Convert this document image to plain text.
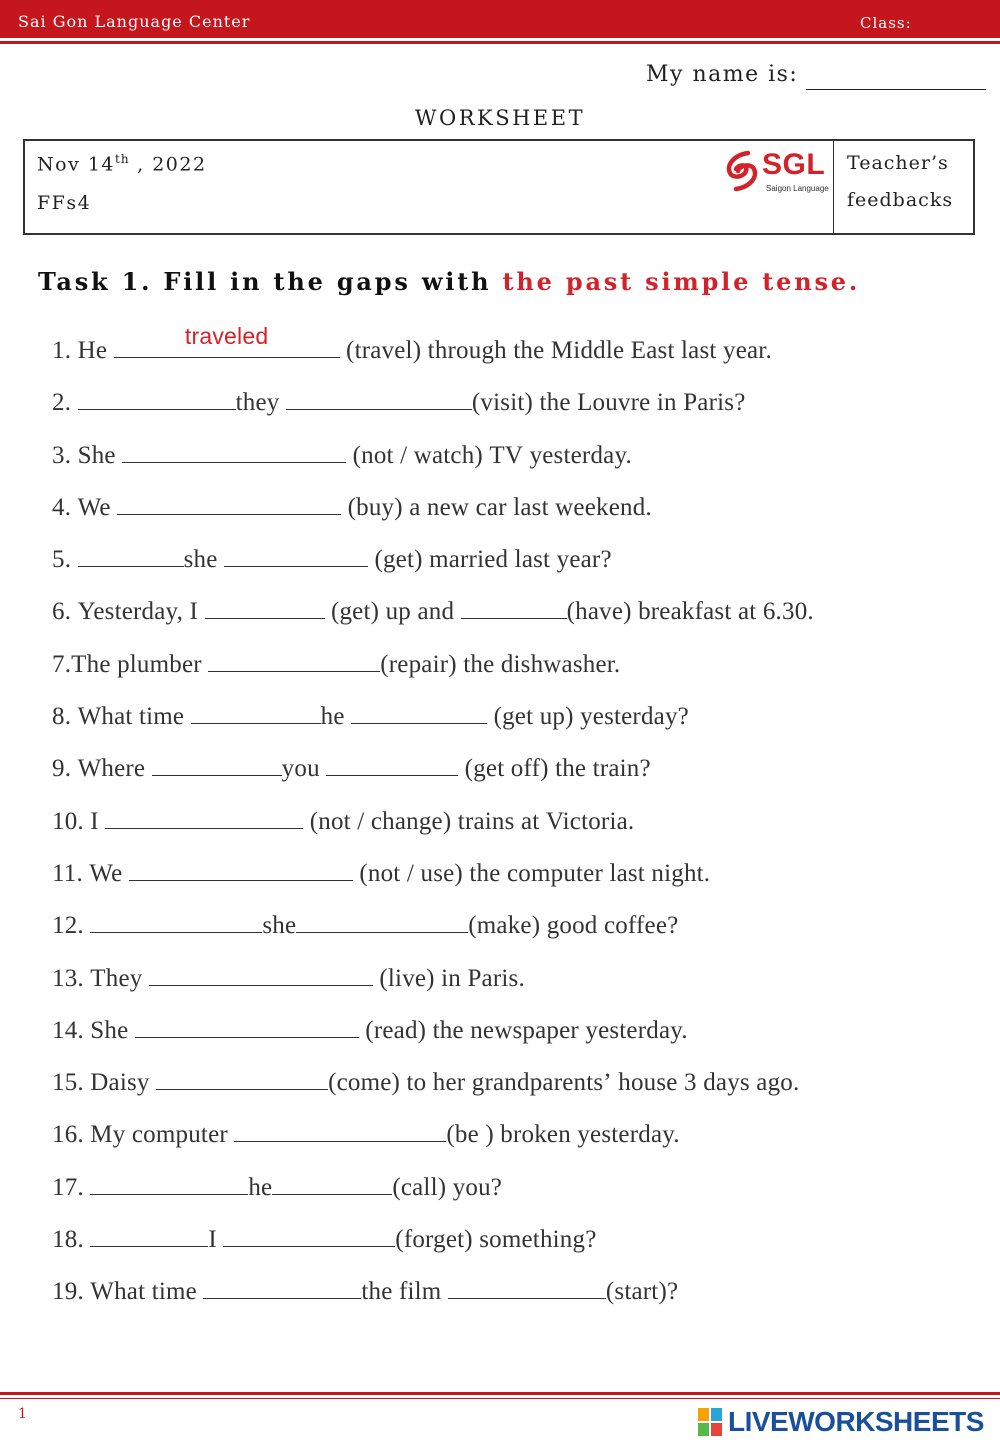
Sai Gon Language Center	Class:
My name is:
WORKSHEET
Nov 14th , 2022
FFs4
SGL
Saigon Language
Teacher’s
feedbacks
Task 1. Fill in the gaps with the past simple tense.
1. He
traveled
(travel) through the Middle East last year.
2.	they	(visit) the Louvre in Paris?
3. She	(not / watch) TV yesterday.
4. We	(buy) a new car last weekend.
5.	she	(get) married last year?
6. Yesterday, I	(get) up and	(have) breakfast at 6.30.
7.The plumber	(repair) the dishwasher.
8. What time	he	(get up) yesterday?
9. Where	you	(get off) the train?
10. I	(not / change) trains at Victoria.
11. We	(not / use) the computer last night.
12.	she	(make) good coffee?
13. They	(live) in Paris.
14. She	(read) the newspaper yesterday.
15. Daisy	(come) to her grandparents’ house 3 days ago.
16. My computer	(be ) broken yesterday.
17.	he	(call) you?
18.	I	(forget) something?
19. What time	the film	(start)?
1	LIVEWORKSHEETS
